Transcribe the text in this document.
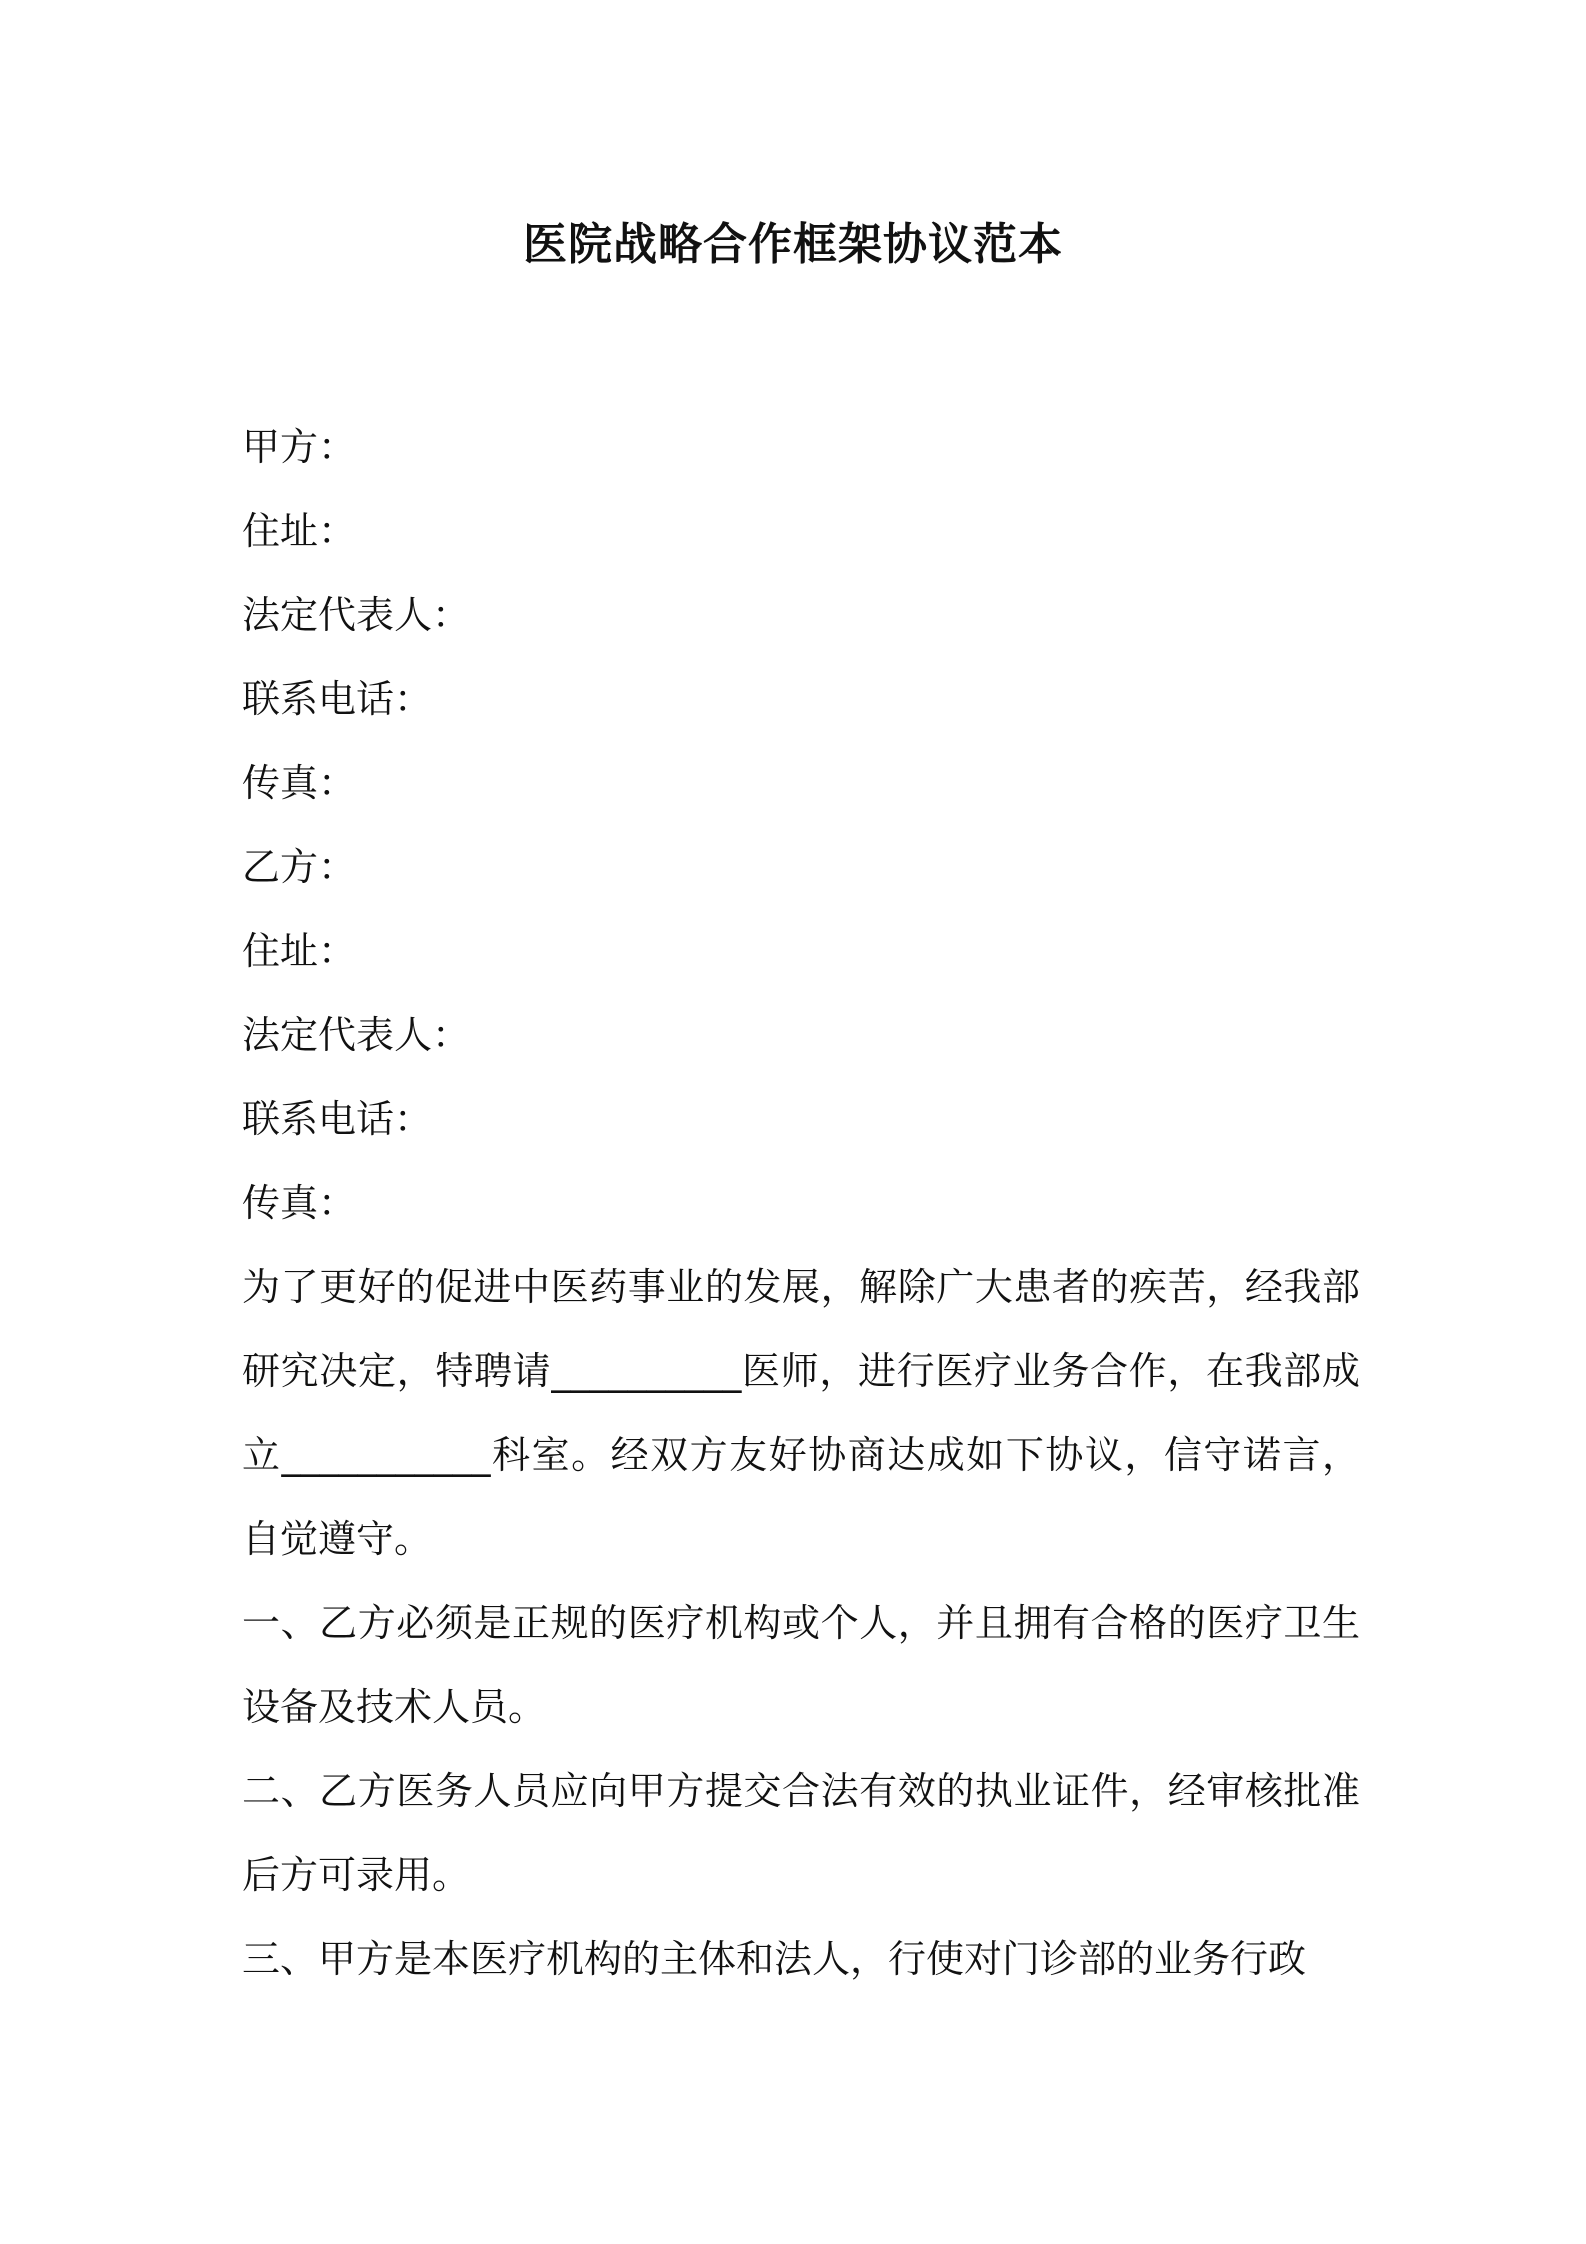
医院战略合作框架协议范本
甲方：
住址：
法定代表人：
联系电话：
传真：
乙方：
住址：
法定代表人：
联系电话：
传真：
为了更好的促进中医药事业的发展，解除广大患者的疾苦，经我部研究决定，特聘请__________医师，进行医疗业务合作，在我部成立___________科室。经双方友好协商达成如下协议，信守诺言，自觉遵守。
一、乙方必须是正规的医疗机构或个人，并且拥有合格的医疗卫生设备及技术人员。
二、乙方医务人员应向甲方提交合法有效的执业证件，经审核批准后方可录用。
三、甲方是本医疗机构的主体和法人，行使对门诊部的业务行政
